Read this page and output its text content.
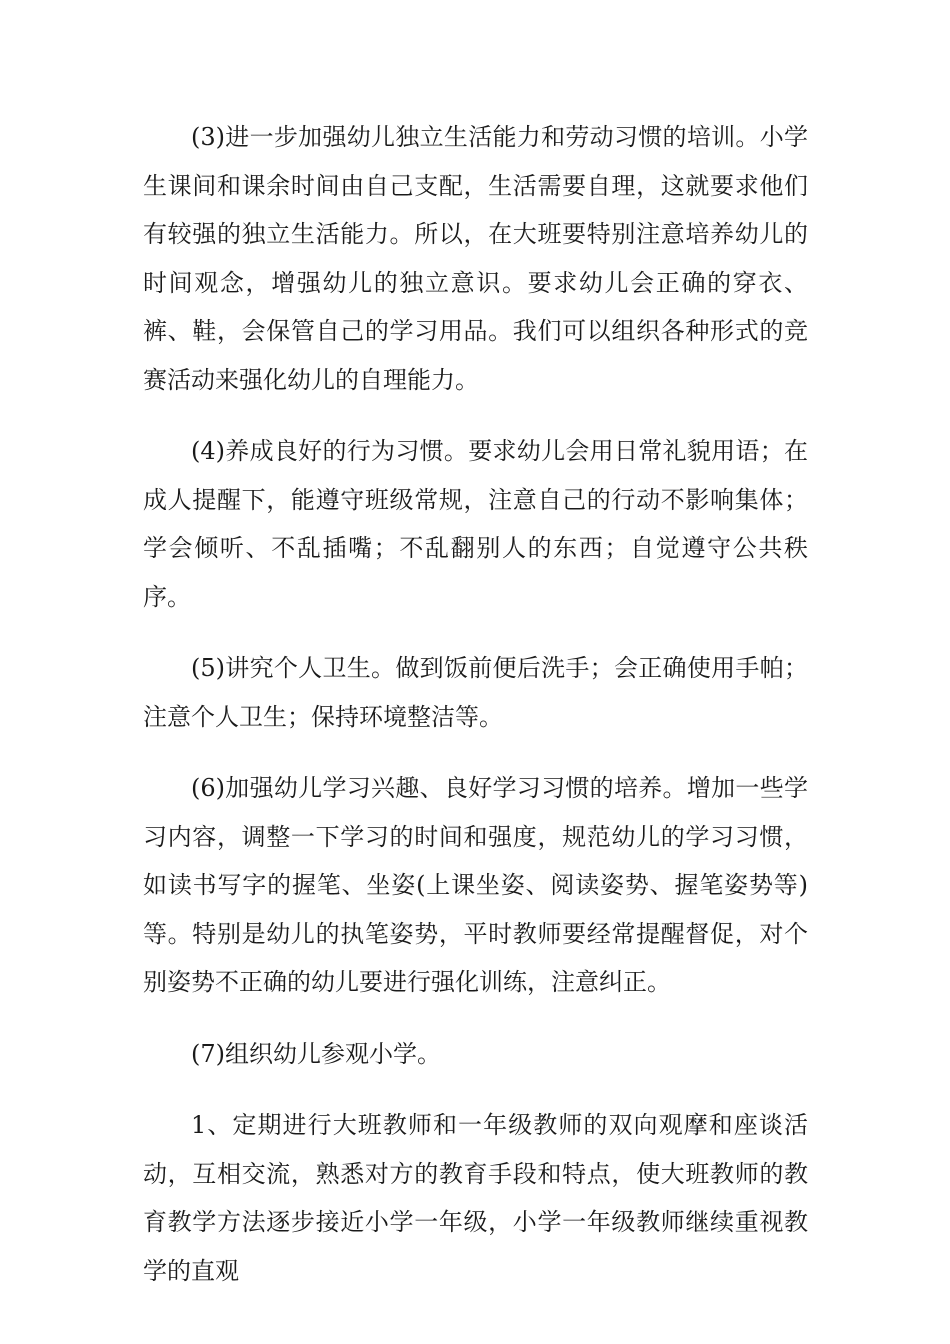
(3)进一步加强幼儿独立生活能力和劳动习惯的培训。小学生课间和课余时间由自己支配，生活需要自理，这就要求他们有较强的独立生活能力。所以，在大班要特别注意培养幼儿的时间观念，增强幼儿的独立意识。要求幼儿会正确的穿衣、裤、鞋，会保管自己的学习用品。我们可以组织各种形式的竞赛活动来强化幼儿的自理能力。

(4)养成良好的行为习惯。要求幼儿会用日常礼貌用语；在成人提醒下，能遵守班级常规，注意自己的行动不影响集体；学会倾听、不乱插嘴；不乱翻别人的东西；自觉遵守公共秩序。

(5)讲究个人卫生。做到饭前便后洗手；会正确使用手帕；注意个人卫生；保持环境整洁等。

(6)加强幼儿学习兴趣、良好学习习惯的培养。增加一些学习内容，调整一下学习的时间和强度，规范幼儿的学习习惯，如读书写字的握笔、坐姿(上课坐姿、阅读姿势、握笔姿势等)等。特别是幼儿的执笔姿势，平时教师要经常提醒督促，对个别姿势不正确的幼儿要进行强化训练，注意纠正。

(7)组织幼儿参观小学。

1、定期进行大班教师和一年级教师的双向观摩和座谈活动，互相交流，熟悉对方的教育手段和特点，使大班教师的教育教学方法逐步接近小学一年级，小学一年级教师继续重视教学的直观
